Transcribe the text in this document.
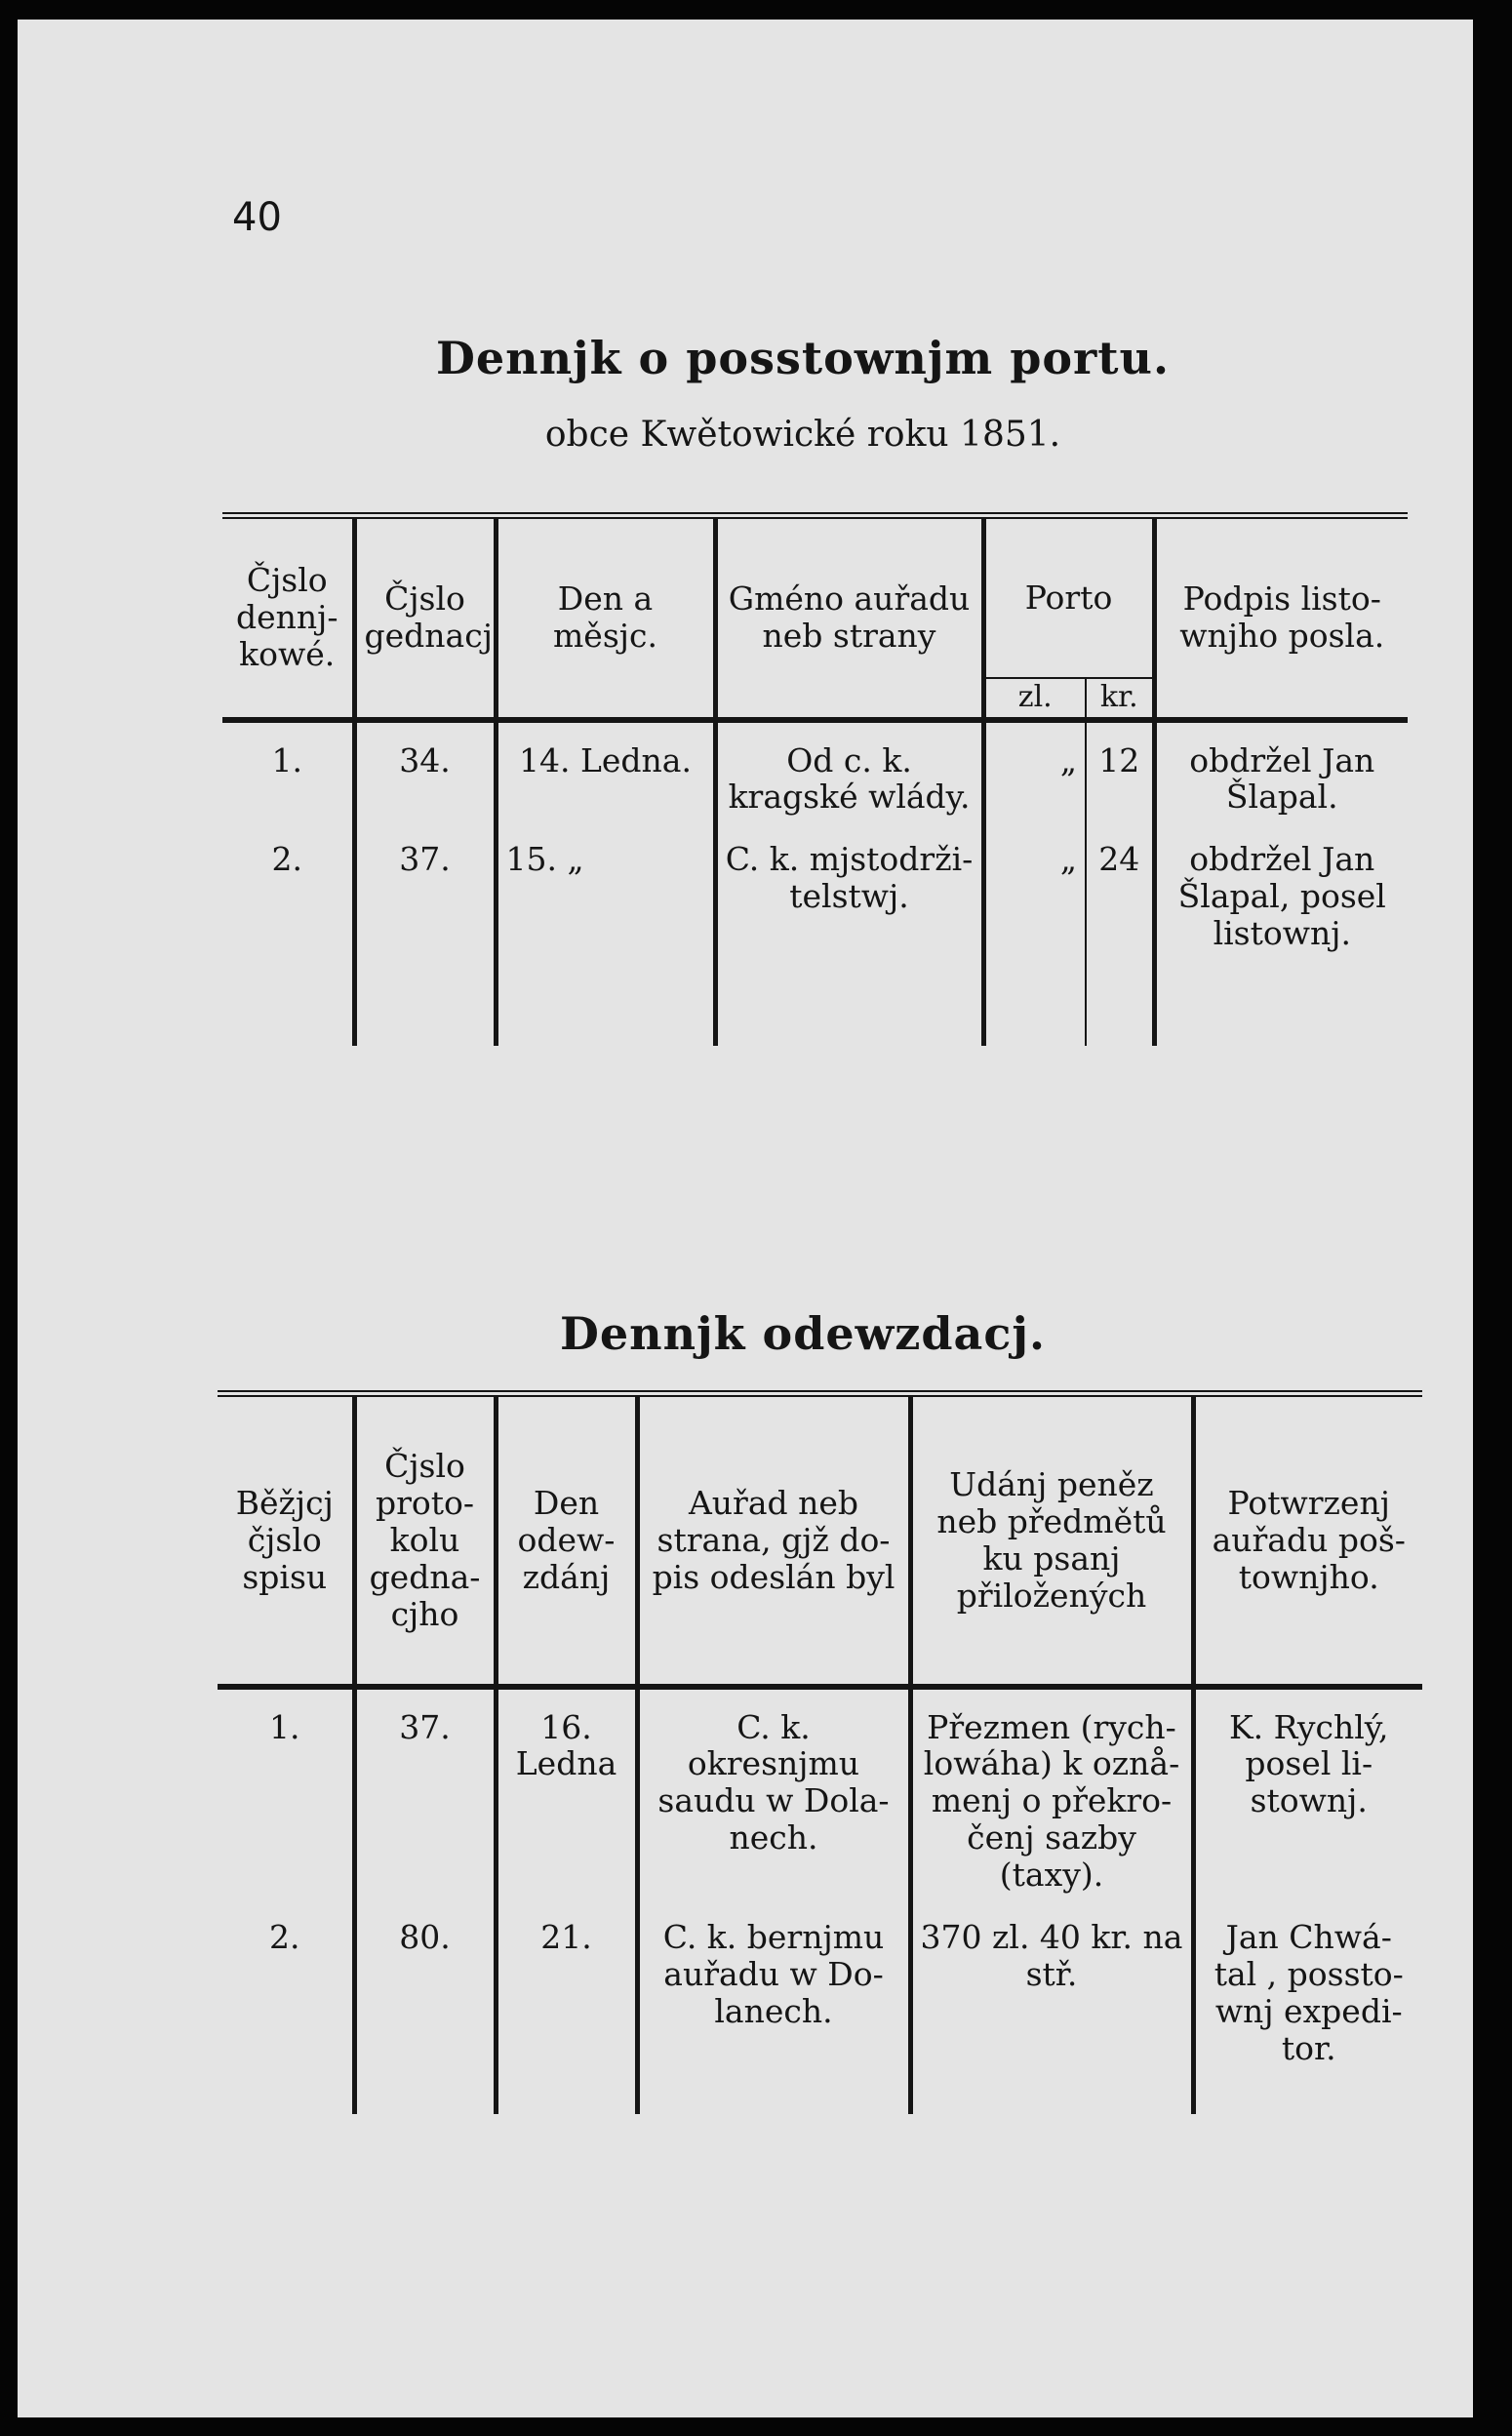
40
Dennjk o posstownjm portu.
obce Kwětowické roku 1851.
Čjslo dennj- kowé.	Čjslo gednacj	Den a měsjc.	Gméno auřadu neb strany	Porto		Podpis listo- wnjho posla.
				zl.	kr.	
1.	34.	14. Ledna.	Od c. k. kragské wlády.	„	12	obdržel Jan Šlapal.
2.	37.	15. „	C. k. mjstodrži- telstwj.	„	24	obdržel Jan Šlapal, posel listownj.
Dennjk odewzdacj.
Běžjcj čjslo spisu	Čjslo proto- kolu gedna- cjho	Den odew- zdánj	Auřad neb strana, gjž do- pis odeslán byl	Udánj peněz neb předmětů ku psanj přiložených	Potwrzenj auřadu poš- townjho.
1.	37.	16. Ledna	C. k. okresnjmu saudu w Dola- nech.	Přezmen (rych- lowáha) k oznå- menj o překro- čenj sazby (taxy).	K. Rychlý, posel li- stownj.
2.	80.	21.	C. k. bernjmu auřadu w Do- lanech.	370 zl. 40 kr. na stř.	Jan Chwá- tal , possto- wnj expedi- tor.
